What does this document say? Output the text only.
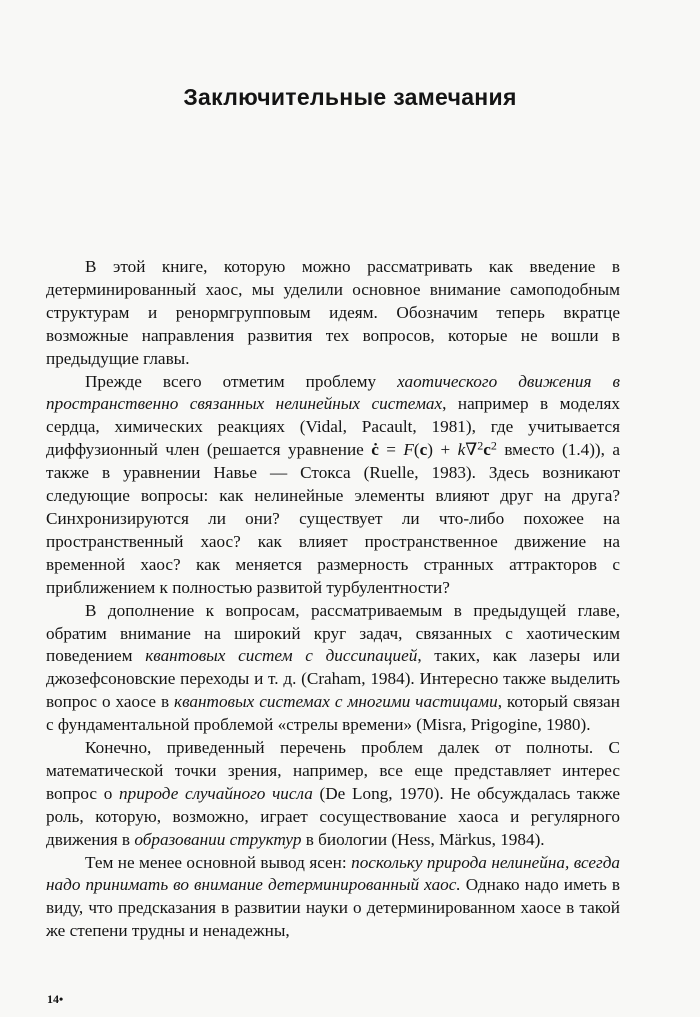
Заключительные замечания

В этой книге, которую можно рассматривать как введение в детерминированный хаос, мы уделили основное внимание самоподобным структурам и ренормгрупповым идеям. Обозначим теперь вкратце возможные направления развития тех вопросов, которые не вошли в предыдущие главы.

Прежде всего отметим проблему хаотического движения в пространственно связанных нелинейных системах, например в моделях сердца, химических реакциях (Vidal, Pacault, 1981), где учитывается диффузионный член (решается уравнение ċ = $F(c) + k\nabla^2c^2$ вместо (1.4)), а также в уравнении Навье — Стокса (Ruelle, 1983). Здесь возникают следующие вопросы: как нелинейные элементы влияют друг на друга? Синхронизируются ли они? существует ли что-либо похожее на пространственный хаос? как влияет пространственное движение на временной хаос? как меняется размерность странных аттракторов с приближением к полностью развитой турбулентности?

В дополнение к вопросам, рассматриваемым в предыдущей главе, обратим внимание на широкий круг задач, связанных с хаотическим поведением квантовых систем с диссипацией, таких, как лазеры или джозефсоновские переходы и т. д. (Craham, 1984). Интересно также выделить вопрос о хаосе в квантовых системах с многими частицами, который связан с фундаментальной проблемой «стрелы времени» (Misra, Prigogine, 1980).

Конечно, приведенный перечень проблем далек от полноты. С математической точки зрения, например, все еще представляет интерес вопрос о природе случайного числа (De Long, 1970). Не обсуждалась также роль, которую, возможно, играет сосуществование хаоса и регулярного движения в образовании структур в биологии (Hess, Märkus, 1984).

Тем не менее основной вывод ясен: поскольку природа нелинейна, всегда надо принимать во внимание детерминированный хаос. Однако надо иметь в виду, что предсказания в развитии науки о детерминированном хаосе в такой же степени трудны и ненадежны,

14•
